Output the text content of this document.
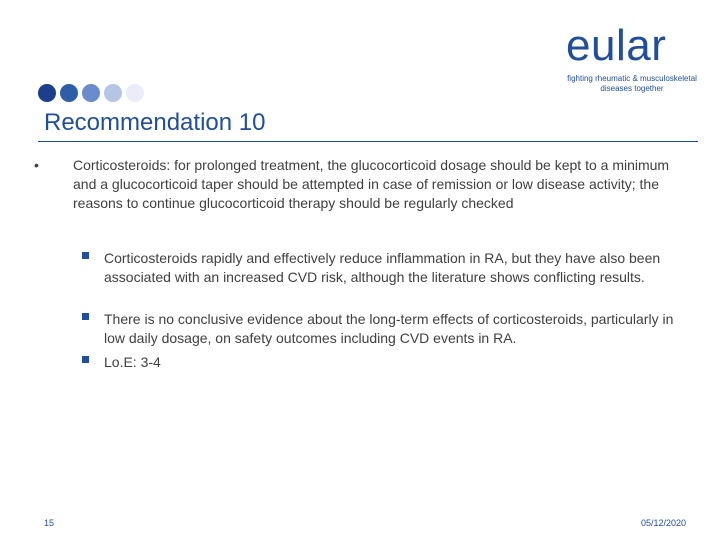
eular
fighting rheumatic & musculoskeletal diseases together
Recommendation 10
• Corticosteroids: for prolonged treatment, the glucocorticoid dosage should be kept to a minimum and a glucocorticoid taper should be attempted in case of remission or low disease activity; the reasons to continue glucocorticoid therapy should be regularly checked
Corticosteroids rapidly and effectively reduce inflammation in RA, but they have also been associated with an increased CVD risk, although the literature shows conflicting results.
There is no conclusive evidence about the long-term effects of corticosteroids, particularly in low daily dosage, on safety outcomes including CVD events in RA.
Lo.E: 3-4
15	05/12/2020
